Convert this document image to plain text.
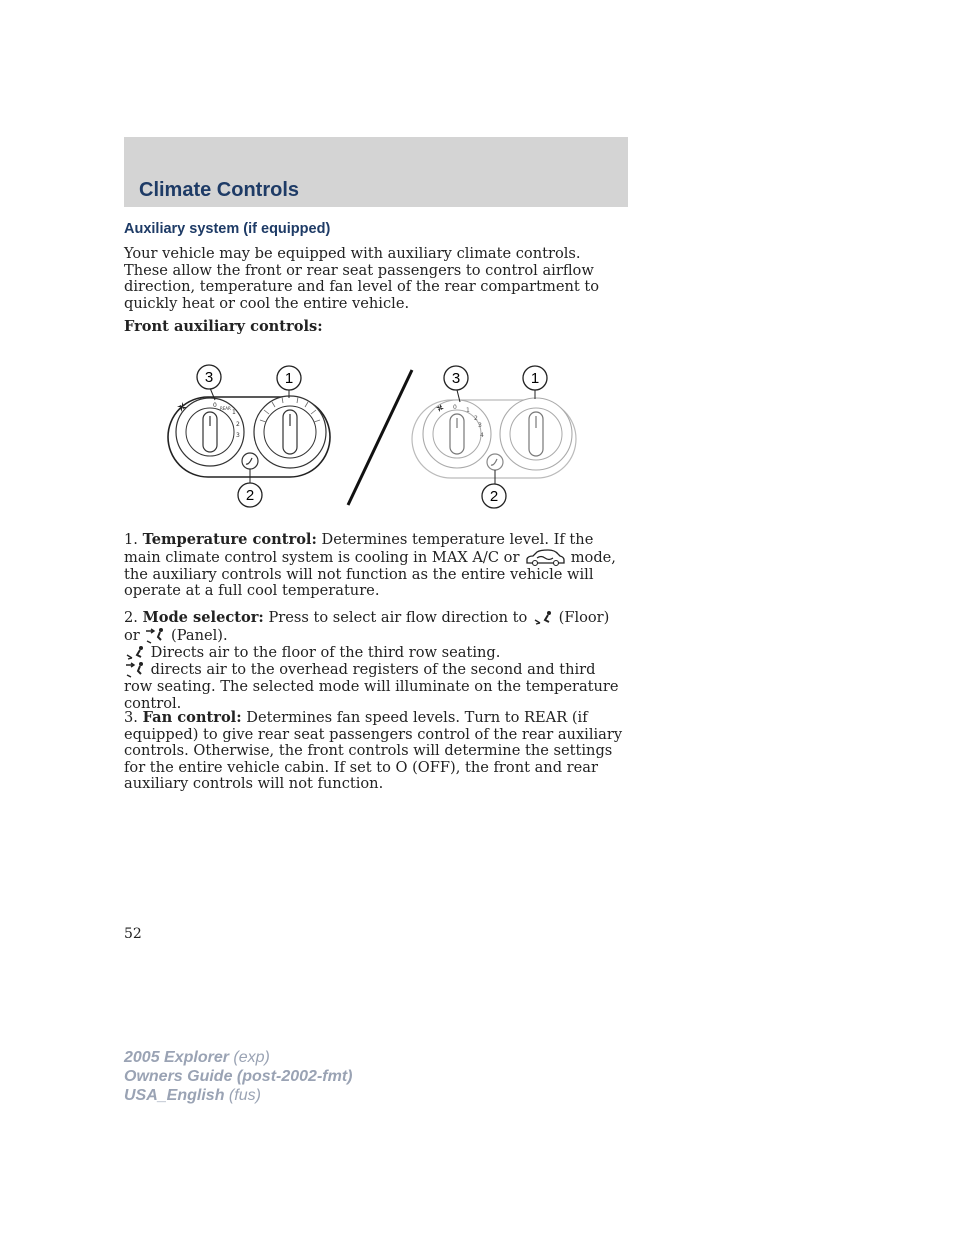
Climate Controls
Auxiliary system (if equipped)

Your vehicle may be equipped with auxiliary climate controls. These allow the front or rear seat passengers to control airflow direction, temperature and fan level of the rear compartment to quickly heat or cool the entire vehicle.

Front auxiliary controls:

0 REAR
1
2
3
3	1
2
0 1
2
3
4
3	1
2

1. Temperature control: Determines temperature level. If the main climate control system is cooling in MAX A/C or	mode, the auxiliary controls will not function as the entire vehicle will operate at a full cool temperature.

2. Mode selector: Press to select air flow direction to  (Floor) or  (Panel).
Directs air to the floor of the third row seating.
directs air to the overhead registers of the second and third row seating. The selected mode will illuminate on the temperature control.

3. Fan control: Determines fan speed levels. Turn to REAR (if equipped) to give rear seat passengers control of the rear auxiliary controls. Otherwise, the front controls will determine the settings for the entire vehicle cabin. If set to O (OFF), the front and rear auxiliary controls will not function.

52

2005 Explorer (exp)
Owners Guide (post-2002-fmt)
USA_English (fus)
